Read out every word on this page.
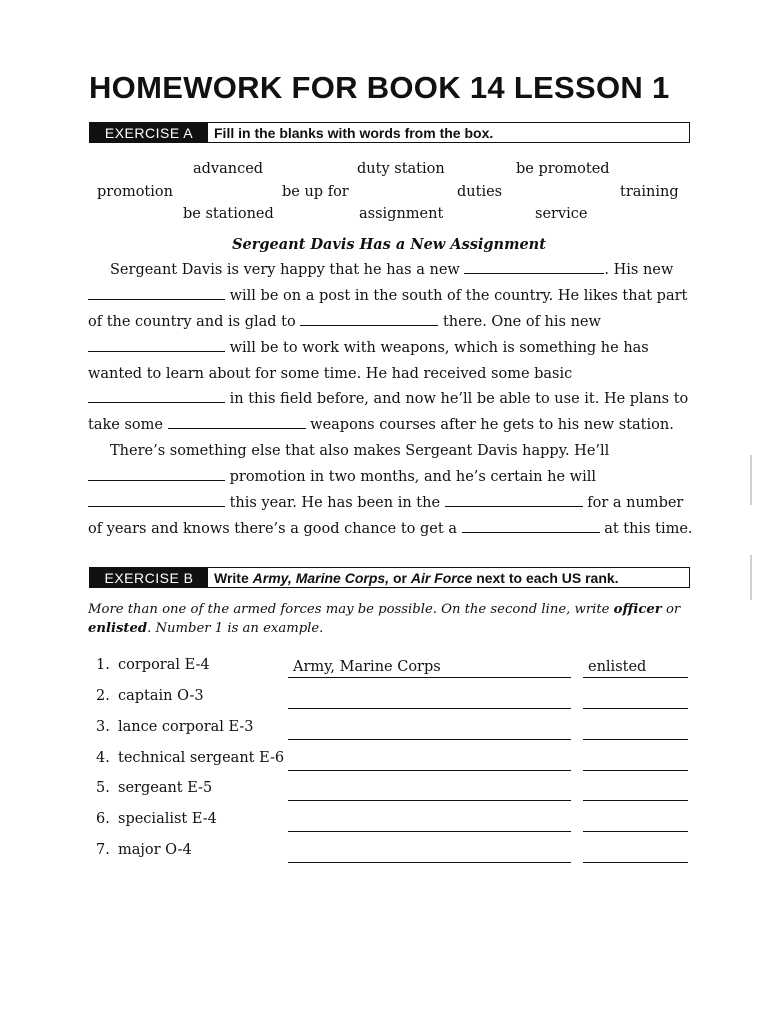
HOMEWORK FOR BOOK 14 LESSON 1
EXERCISE A	Fill in the blanks with words from the box.
advanced	duty station	be promoted
promotion	be up for	duties	training
be stationed	assignment	service
Sergeant Davis Has a New Assignment
Sergeant Davis is very happy that he has a new	. His new
will be on a post in the south of the country. He likes that part
of the country and is glad to	there. One of his new
will be to work with weapons, which is something he has
wanted to learn about for some time. He had received some basic
in this field before, and now he’ll be able to use it. He plans to
take some	weapons courses after he gets to his new station.
There’s something else that also makes Sergeant Davis happy. He’ll
promotion in two months, and he’s certain he will
this year. He has been in the	for a number
of years and knows there’s a good chance to get a	at this time.
EXERCISE B	Write
Army, Marine Corps,
or
Air Force
next to each US rank.
More than one of the armed forces may be possible. On the second line, write officer or
enlisted. Number 1 is an example.
1. corporal E-4	Army, Marine Corps	enlisted
2. captain O-3
3. lance corporal E-3
4. technical sergeant E-6
5. sergeant E-5
6. specialist E-4
7. major O-4
